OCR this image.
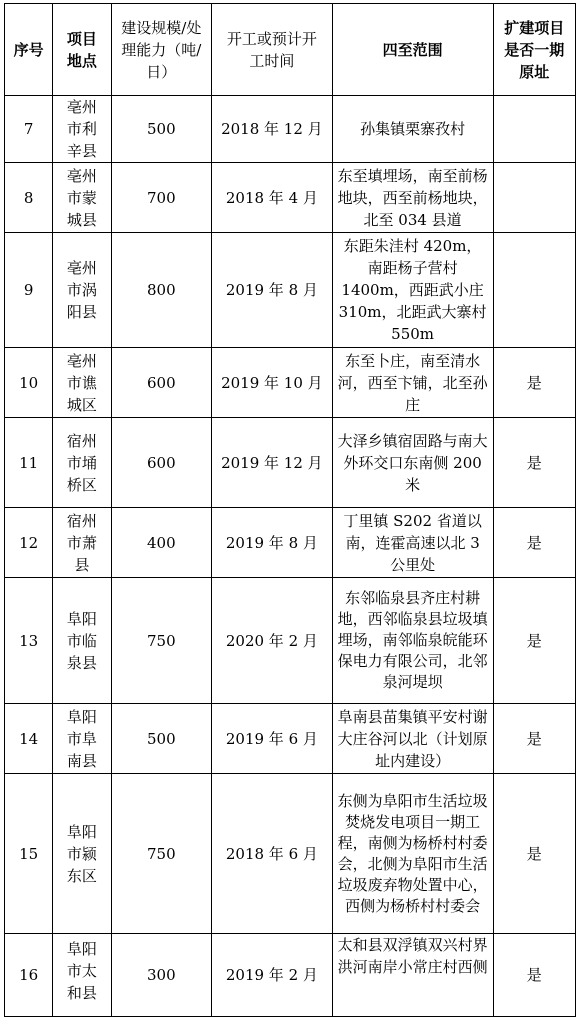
序号	项目地点	建设规模/处理能力（吨/日）	开工或预计开工时间	四至范围	扩建项目是否一期原址
7	亳州市利辛县	500	2018 年 12 月	孙集镇栗寨孜村	
8	亳州市蒙城县	700	2018 年 4 月	东至填埋场，南至前杨地块，西至前杨地块，北至 034 县道	
9	亳州市涡阳县	800	2019 年 8 月	东距朱洼村 420m，南距杨子营村 1400m，西距武小庄 310m，北距武大寨村 550m	
10	亳州市谯城区	600	2019 年 10 月	东至卜庄，南至清水河，西至卞铺，北至孙庄	是
11	宿州市埇桥区	600	2019 年 12 月	大泽乡镇宿固路与南大外环交口东南侧 200 米	是
12	宿州市萧县	400	2019 年 8 月	丁里镇 S202 省道以南，连霍高速以北 3 公里处	是
13	阜阳市临泉县	750	2020 年 2 月	东邻临泉县齐庄村耕地，西邻临泉县垃圾填埋场，南邻临泉皖能环保电力有限公司，北邻泉河堤坝	是
14	阜阳市阜南县	500	2019 年 6 月	阜南县苗集镇平安村谢大庄谷河以北（计划原址内建设）	是
15	阜阳市颍东区	750	2018 年 6 月	东侧为阜阳市生活垃圾焚烧发电项目一期工程，南侧为杨桥村村委会，北侧为阜阳市生活垃圾废弃物处置中心，西侧为杨桥村村委会	是

16	阜阳市太和县	300	2019 年 2 月	太和县双浮镇双兴村界洪河南岸小常庄村西侧	是
